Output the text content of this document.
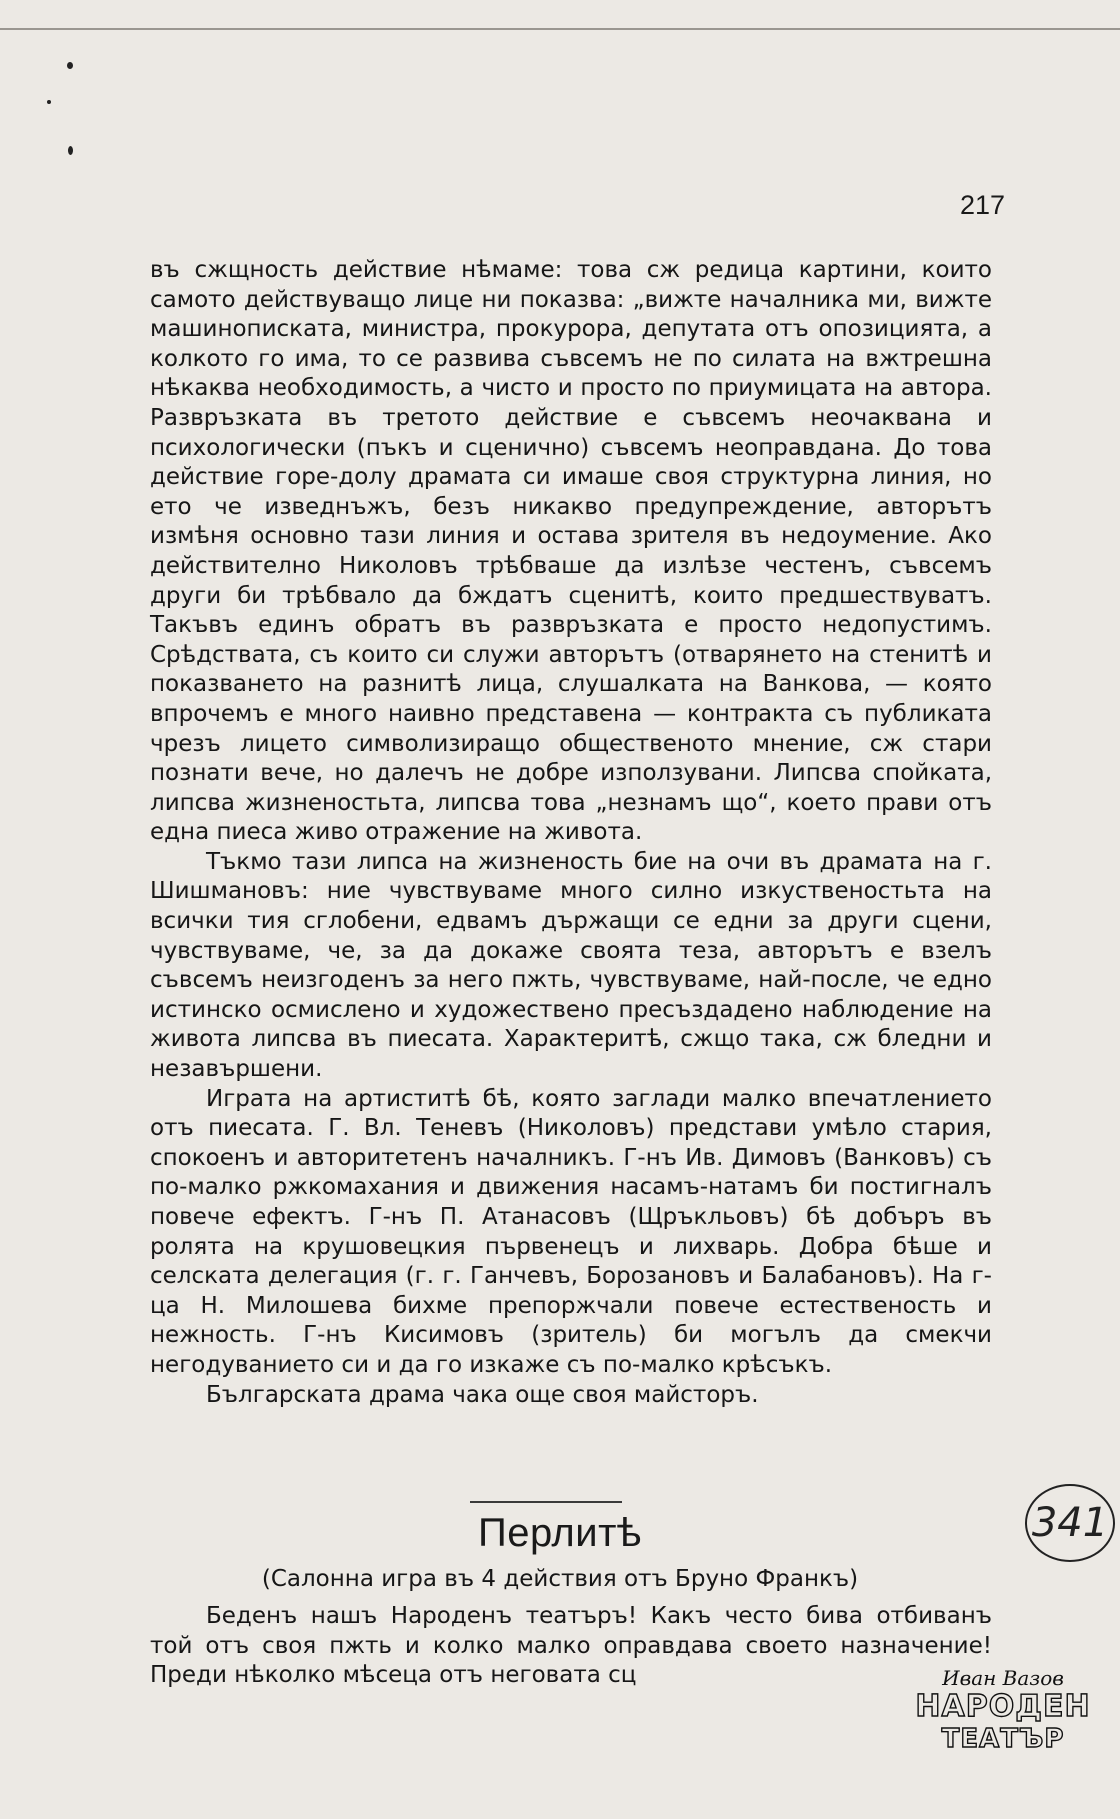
217

въ сжщность действие нѣмаме: това сж редица картини, които самото действуващо лице ни показва: „вижте началника ми, вижте машинописката, министра, прокурора, депутата отъ опозицията, а колкото го има, то се развива съвсемъ не по силата на вжтрешна нѣкаква необходимость, а чисто и просто по приумицата на автора. Развръзката въ третото действие е съвсемъ неочаквана и психологически (пъкъ и сценично) съвсемъ неоправдана. До това действие горе-долу драмата си имаше своя структурна линия, но ето че изведнъжъ, безъ никакво предупреждение, авторътъ измѣня основно тази линия и остава зрителя въ недоумение. Ако действително Николовъ трѣбваше да излѣзе честенъ, съвсемъ други би трѣбвало да бждатъ сценитѣ, които предшествуватъ. Такъвъ единъ обратъ въ развръзката е просто недопустимъ. Срѣдствата, съ които си служи авторътъ (отварянето на стенитѣ и показването на разнитѣ лица, слушалката на Ванкова, — която впрочемъ е много наивно представена — контракта съ публиката чрезъ лицето символизиращо общественото мнение, сж стари познати вече, но далечъ не добре използувани. Липсва спойката, липсва жизненостьта, липсва това „незнамъ що“, което прави отъ една пиеса живо отражение на живота.

Тъкмо тази липса на жизненость бие на очи въ драмата на г. Шишмановъ: ние чувствуваме много силно изкуственостьта на всички тия сглобени, едвамъ държащи се едни за други сцени, чувствуваме, че, за да докаже своята теза, авторътъ е взелъ съвсемъ неизгоденъ за него пжть, чувствуваме, най-после, че едно истинско осмислено и художествено пресъздадено наблюдение на живота липсва въ пиесата. Характеритѣ, сжщо така, сж бледни и незавършени.

Играта на артиститѣ бѣ, която заглади малко впечатлението отъ пиесата. Г. Вл. Теневъ (Николовъ) представи умѣло стария, спокоенъ и авторитетенъ началникъ. Г-нъ Ив. Димовъ (Ванковъ) съ по-малко ржкомахания и движения насамъ-натамъ би постигналъ повече ефектъ. Г-нъ П. Атанасовъ (Щръкльовъ) бѣ добъръ въ ролята на крушовецкия първенецъ и лихварь. Добра бѣше и селската делегация (г. г. Ганчевъ, Борозановъ и Балабановъ). На г-ца Н. Милошева бихме препоржчали повече естественость и нежность. Г-нъ Кисимовъ (зритель) би могълъ да смекчи негодуванието си и да го изкаже съ по-малко крѣсъкъ.

Българската драма чака още своя майсторъ.

Перлитѣ
(Салонна игра въ 4 действия отъ Бруно Франкъ)

Беденъ нашъ Народенъ театъръ! Какъ често бива отбиванъ той отъ своя пжть и колко малко оправдава своето назначение! Преди нѣколко мѣсеца отъ неговата сц

341
Иван Вазов
НАРОДЕН
ТЕАТЪР
